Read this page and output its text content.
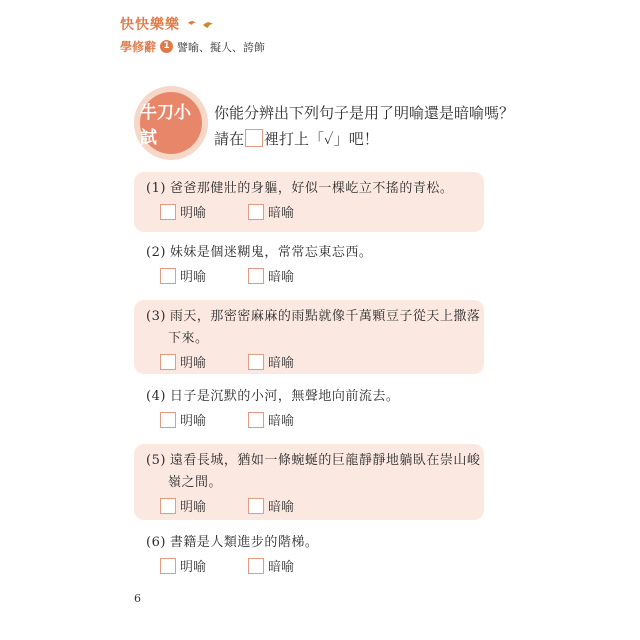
快快樂樂
學修辭 1 譬喻、擬人、誇飾
牛刀小試
你能分辨出下列句子是用了明喻還是暗喻嗎？
請在 裡打上「✓」吧！
(1) 爸爸那健壯的身軀，好似一棵屹立不搖的青松。
明喻	暗喻
(2) 妹妹是個迷糊鬼，常常忘東忘西。
明喻	暗喻
(3) 雨天，那密密麻麻的雨點就像千萬顆豆子從天上撒落
下來。
明喻	暗喻
(4) 日子是沉默的小河，無聲地向前流去。
明喻	暗喻
(5) 遠看長城，猶如一條蜿蜒的巨龍靜靜地躺臥在崇山峻
嶺之間。
明喻	暗喻
(6) 書籍是人類進步的階梯。
明喻	暗喻
6
